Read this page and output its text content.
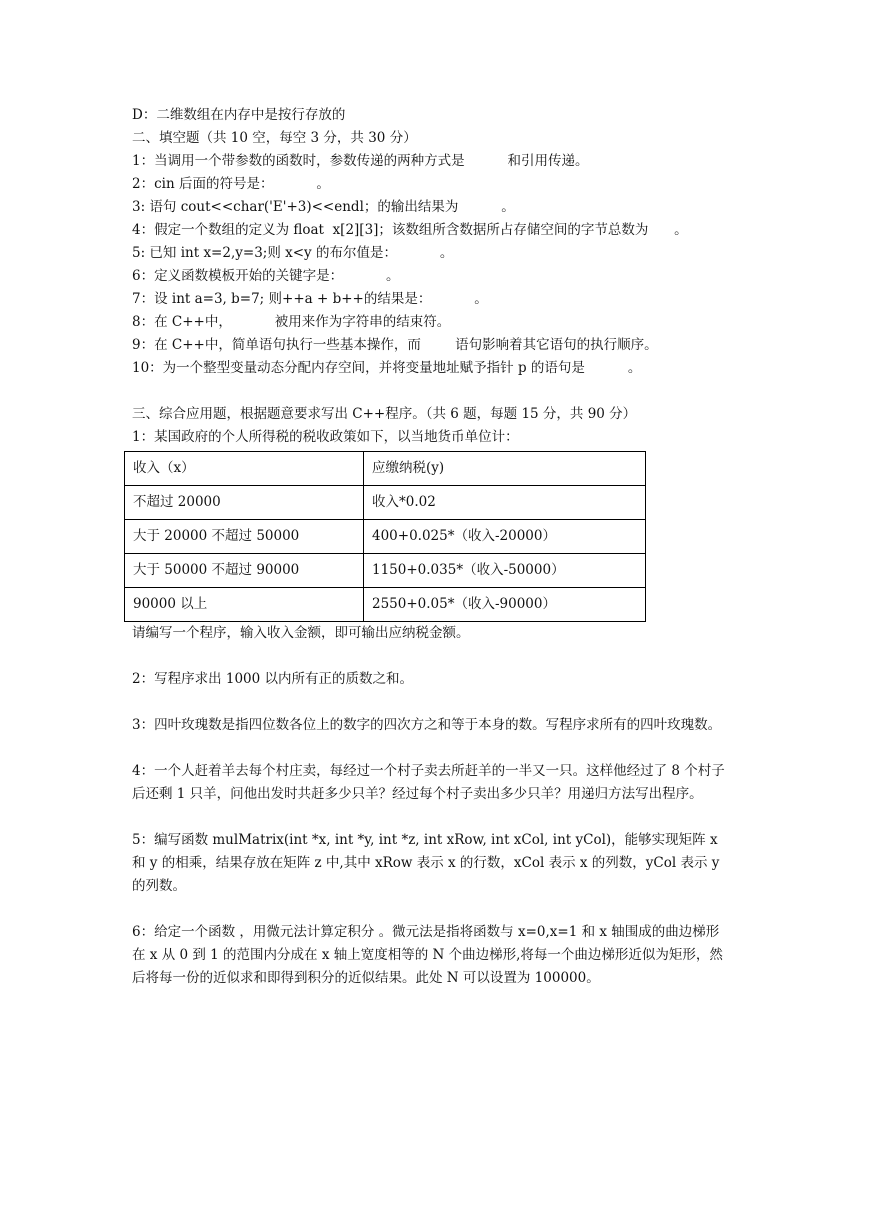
D：二维数组在内存中是按行存放的
二、填空题（共 10 空，每空 3 分，共 30 分）
1：当调用一个带参数的函数时，参数传递的两种方式是          和引用传递。
2：cin 后面的符号是：          。
3: 语句 cout<<char('E'+3)<<endl；的输出结果为          。
4：假定一个数组的定义为 float  x[2][3]；该数组所含数据所占存储空间的字节总数为      。
5: 已知 int x=2,y=3;则 x<y 的布尔值是：          。
6：定义函数模板开始的关键字是：          。
7：设 int a=3, b=7; 则++a + b++的结果是：          。
8：在 C++中，          被用来作为字符串的结束符。
9：在 C++中，简单语句执行一些基本操作，而        语句影响着其它语句的执行顺序。
10：为一个整型变量动态分配内存空间，并将变量地址赋予指针 p 的语句是          。
三、综合应用题，根据题意要求写出 C++程序。（共 6 题，每题 15 分，共 90 分）
1：某国政府的个人所得税的税收政策如下，以当地货币单位计：
收入（x）	应缴纳税(y)
不超过 20000	收入*0.02
大于 20000 不超过 50000	400+0.025*（收入-20000）
大于 50000 不超过 90000	1150+0.035*（收入-50000）
90000 以上	2550+0.05*（收入-90000）
请编写一个程序，输入收入金额，即可输出应纳税金额。
2：写程序求出 1000 以内所有正的质数之和。
3：四叶玫瑰数是指四位数各位上的数字的四次方之和等于本身的数。写程序求所有的四叶玫瑰数。
4：一个人赶着羊去每个村庄卖，每经过一个村子卖去所赶羊的一半又一只。这样他经过了 8 个村子后还剩 1 只羊，问他出发时共赶多少只羊？经过每个村子卖出多少只羊？用递归方法写出程序。
5：编写函数 mulMatrix(int *x, int *y, int *z, int xRow, int xCol, int yCol)，能够实现矩阵 x 和 y 的相乘，结果存放在矩阵 z 中,其中 xRow 表示 x 的行数，xCol 表示 x 的列数，yCol 表示 y 的列数。
6：给定一个函数 ，用微元法计算定积分 。微元法是指将函数与 x=0,x=1 和 x 轴围成的曲边梯形在 x 从 0 到 1 的范围内分成在 x 轴上宽度相等的 N 个曲边梯形,将每一个曲边梯形近似为矩形，然后将每一份的近似求和即得到积分的近似结果。此处 N 可以设置为 100000。
